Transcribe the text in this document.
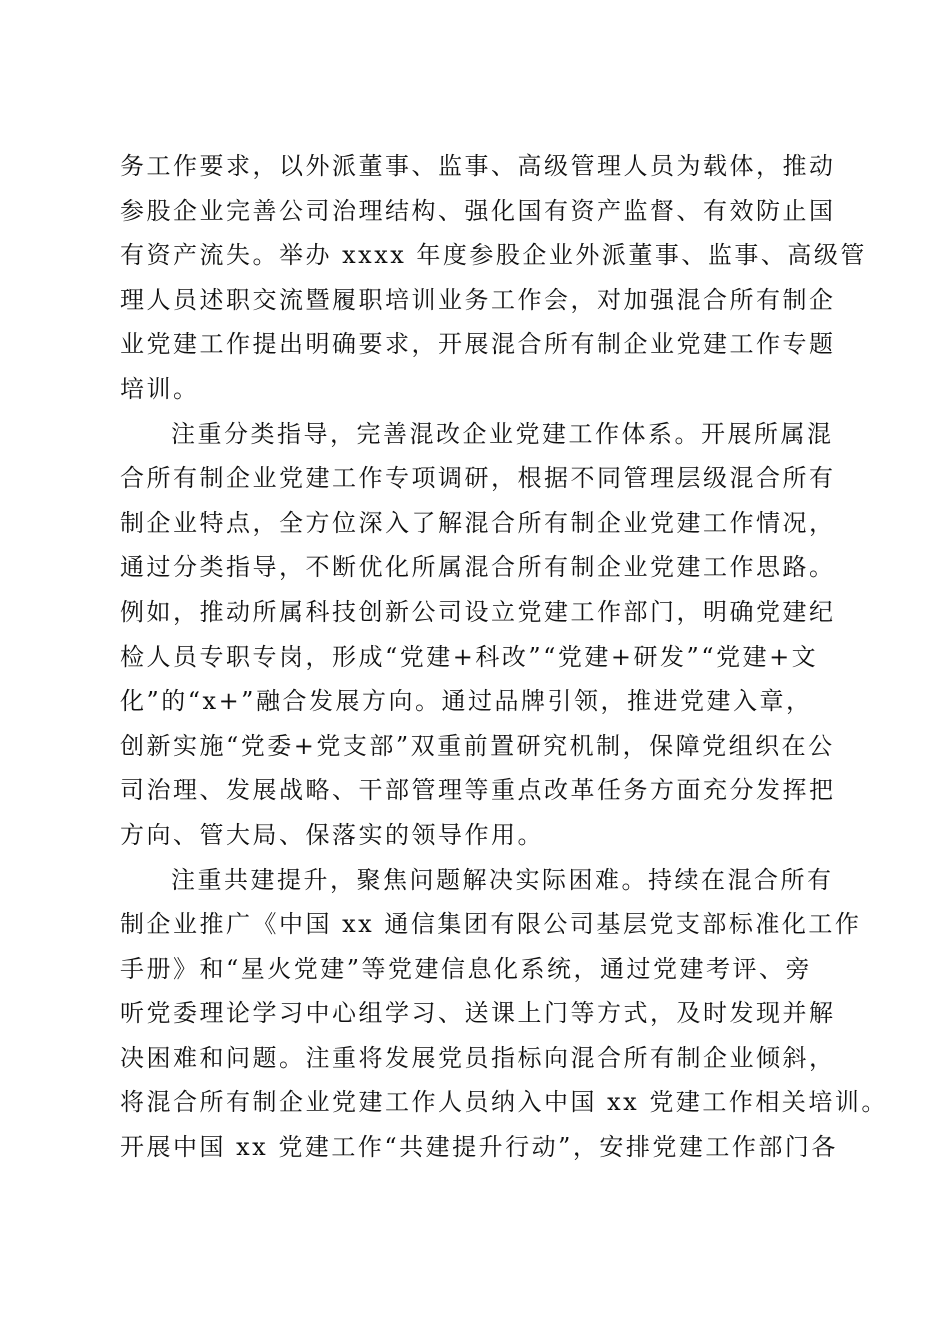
务工作要求，以外派董事、监事、高级管理人员为载体，推动
参股企业完善公司治理结构、强化国有资产监督、有效防止国
有资产流失。举办 xxxx 年度参股企业外派董事、监事、高级管
理人员述职交流暨履职培训业务工作会，对加强混合所有制企
业党建工作提出明确要求，开展混合所有制企业党建工作专题
培训。
注重分类指导，完善混改企业党建工作体系。开展所属混
合所有制企业党建工作专项调研，根据不同管理层级混合所有
制企业特点，全方位深入了解混合所有制企业党建工作情况，
通过分类指导，不断优化所属混合所有制企业党建工作思路。
例如，推动所属科技创新公司设立党建工作部门，明确党建纪
检人员专职专岗，形成“党建+科改”“党建+研发”“党建+文
化”的“x+”融合发展方向。通过品牌引领，推进党建入章，
创新实施“党委+党支部”双重前置研究机制，保障党组织在公
司治理、发展战略、干部管理等重点改革任务方面充分发挥把
方向、管大局、保落实的领导作用。
注重共建提升，聚焦问题解决实际困难。持续在混合所有
制企业推广《中国 xx 通信集团有限公司基层党支部标准化工作
手册》和“星火党建”等党建信息化系统，通过党建考评、旁
听党委理论学习中心组学习、送课上门等方式，及时发现并解
决困难和问题。注重将发展党员指标向混合所有制企业倾斜，
将混合所有制企业党建工作人员纳入中国 xx 党建工作相关培训。
开展中国 xx 党建工作“共建提升行动”，安排党建工作部门各
